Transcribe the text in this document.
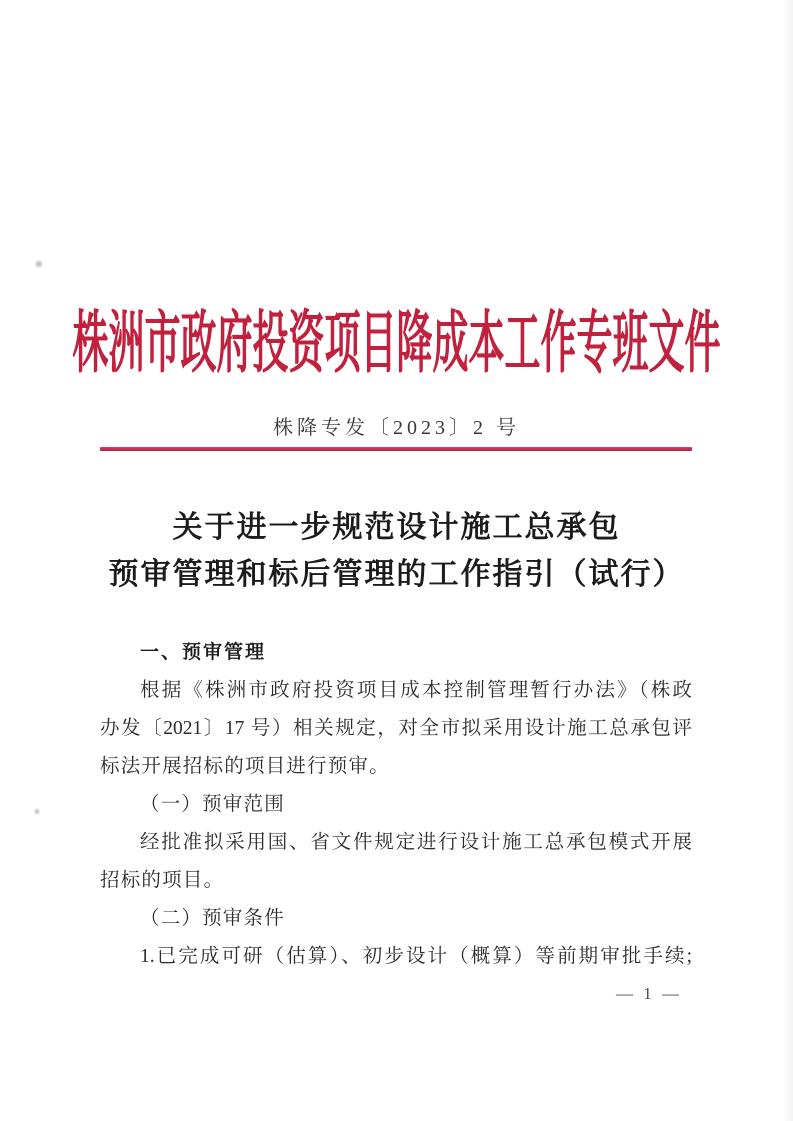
株洲市政府投资项目降成本工作专班文件
株降专发〔2023〕2 号
关于进一步规范设计施工总承包
预审管理和标后管理的工作指引（试行）
一、预审管理
根据《株洲市政府投资项目成本控制管理暂行办法》（株政
办发〔2021〕17 号）相关规定，对全市拟采用设计施工总承包评
标法开展招标的项目进行预审。
（一）预审范围
经批准拟采用国、省文件规定进行设计施工总承包模式开展
招标的项目。
（二）预审条件
1.已完成可研（估算）、初步设计（概算）等前期审批手续;
— 1 —
